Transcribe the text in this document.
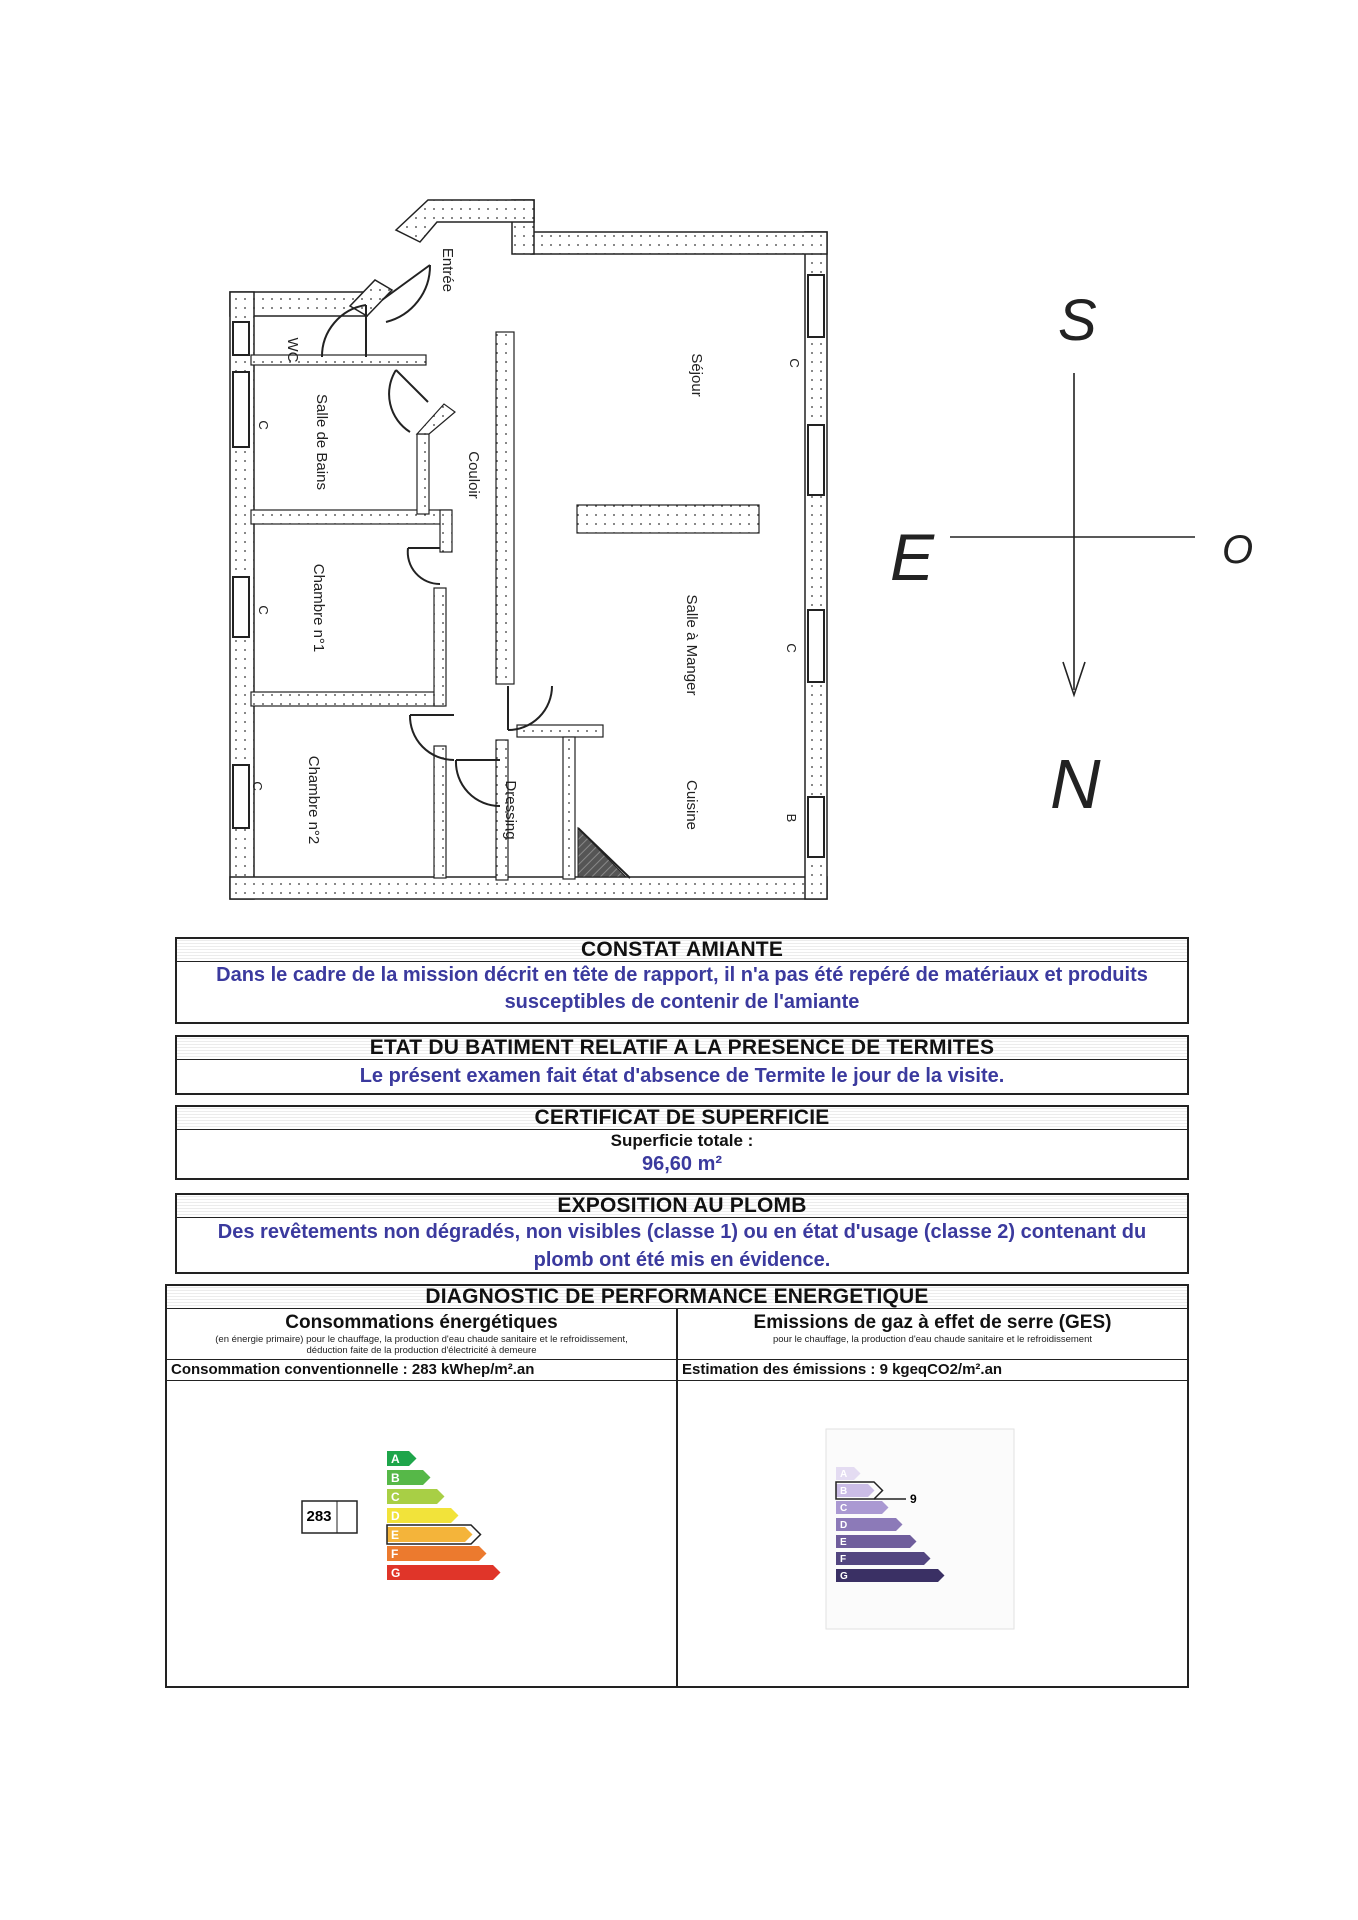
Entrée
WC
Salle de Bains	Couloir
Chambre n°1
Chambre n°2	Dressing
Séjour
Salle à Manger
Cuisine
C
C
C
C
C
B
S
E	O
N
CONSTAT AMIANTE
Dans le cadre de la mission décrit en tête de rapport, il n'a pas été repéré de matériaux et produits susceptibles de contenir de l'amiante
ETAT DU BATIMENT RELATIF A LA PRESENCE DE TERMITES
Le présent examen fait état d'absence de Termite le jour de la visite.
CERTIFICAT DE SUPERFICIE
Superficie totale :
96,60 m²
EXPOSITION AU PLOMB
Des revêtements non dégradés, non visibles (classe 1) ou en état d'usage (classe 2) contenant du plomb ont été mis en évidence.
DIAGNOSTIC DE PERFORMANCE ENERGETIQUE
Consommations énergétiques
(en énergie primaire) pour le chauffage, la production d'eau chaude sanitaire et le refroidissement, déduction faite de la production d'électricité à demeure
Consommation conventionnelle : 283 kWhep/m².an
A
B
C
D
E
F
G
283
Emissions de gaz à effet de serre (GES)
pour le chauffage, la production d'eau chaude sanitaire et le refroidissement
Estimation des émissions : 9 kgeqCO2/m².an
A
B
C
D
E
F
G
9
